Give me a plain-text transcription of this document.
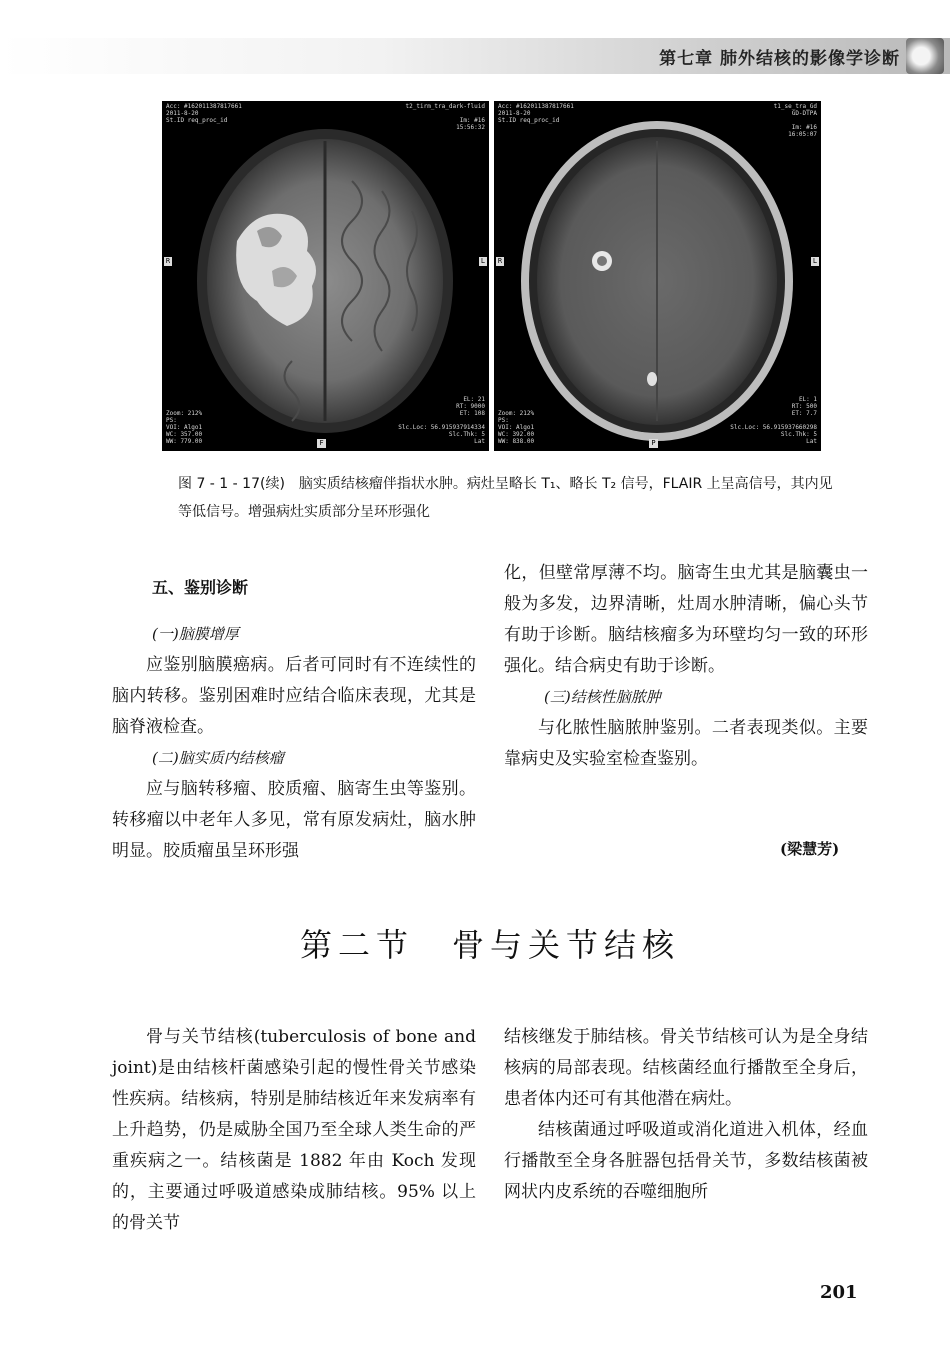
第七章 肺外结核的影像学诊断
Acc: #162011387817661
2011-8-20
St.ID req_proc_id
t2_tirm_tra_dark-fluid

Im: #16
15:56:32
Zoom: 212%
PS:
VOI: Algo1
WC: 357.00
WW: 779.00
EL: 21
RT: 9000
ET: 108

Slc.Loc: 56.915937914334
Slc.Thk: 5
Lat
R	L
F
Acc: #162011387817661
2011-8-20
St.ID req_proc_id
t1_se_tra_Gd
GD-DTPA

Im: #16
16:05:07
Zoom: 212%
PS:
VOI: Algo1
WC: 392.00
WW: 838.00
EL: 1
RT: 500
ET: 7.7

Slc.Loc: 56.915937660298
Slc.Thk: 5
Lat
R	L
P
图 7 - 1 - 17(续) 脑实质结核瘤伴指状水肿。病灶呈略长 T₁、略长 T₂ 信号，FLAIR 上呈高信号，其内见等低信号。增强病灶实质部分呈环形强化

五、鉴别诊断

(一)脑膜增厚

应鉴别脑膜癌病。后者可同时有不连续性的脑内转移。鉴别困难时应结合临床表现，尤其是脑脊液检查。

(二)脑实质内结核瘤

应与脑转移瘤、胶质瘤、脑寄生虫等鉴别。转移瘤以中老年人多见，常有原发病灶，脑水肿明显。胶质瘤虽呈环形强

化，但壁常厚薄不均。脑寄生虫尤其是脑囊虫一般为多发，边界清晰，灶周水肿清晰，偏心头节有助于诊断。脑结核瘤多为环壁均匀一致的环形强化。结合病史有助于诊断。

(三)结核性脑脓肿

与化脓性脑脓肿鉴别。二者表现类似。主要靠病史及实验室检查鉴别。

(梁慧芳)
第二节　骨与关节结核

骨与关节结核(tuberculosis of bone and joint)是由结核杆菌感染引起的慢性骨关节感染性疾病。结核病，特别是肺结核近年来发病率有上升趋势，仍是威胁全国乃至全球人类生命的严重疾病之一。结核菌是 1882 年由 Koch 发现的，主要通过呼吸道感染成肺结核。95% 以上的骨关节

结核继发于肺结核。骨关节结核可认为是全身结核病的局部表现。结核菌经血行播散至全身后，患者体内还可有其他潜在病灶。

结核菌通过呼吸道或消化道进入机体，经血行播散至全身各脏器包括骨关节，多数结核菌被网状内皮系统的吞噬细胞所

201
